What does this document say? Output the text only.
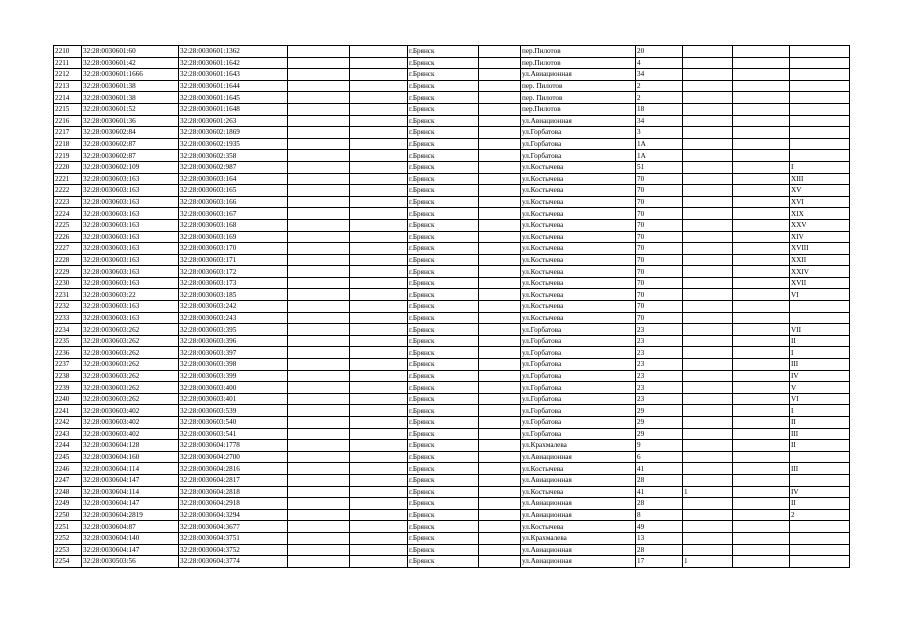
2210	32:28:0030601:60	32:28:0030601:1362			г.Брянск		пер.Пилотов	20			
2211	32:28:0030601:42	32:28:0030601:1642			г.Брянск		пер.Пилотов	4			
2212	32:28:0030601:1666	32:28:0030601:1643			г.Брянск		ул.Авиационная	34			
2213	32:28:0030601:38	32:28:0030601:1644			г.Брянск		пер. Пилотов	2			
2214	32:28:0030601:38	32:28:0030601:1645			г.Брянск		пер. Пилотов	2			
2215	32:28:0030601:52	32:28:0030601:1648			г.Брянск		пер.Пилотов	18			
2216	32:28:0030601:36	32:28:0030601:263			г.Брянск		ул.Авиационная	34			
2217	32:28:0030602:84	32:28:0030602:1869			г.Брянск		ул.Горбатова	3			
2218	32:28:0030602:87	32:28:0030602:1935			г.Брянск		ул.Горбатова	1А			
2219	32:28:0030602:87	32:28:0030602:358			г.Брянск		ул.Горбатова	1А			
2220	32:28:0030602:109	32:28:0030602:987			г.Брянск		ул.Костычева	51			I
2221	32:28:0030603:163	32:28:0030603:164			г.Брянск		ул.Костычева	70			XIII
2222	32:28:0030603:163	32:28:0030603:165			г.Брянск		ул.Костычева	70			XV
2223	32:28:0030603:163	32:28:0030603:166			г.Брянск		ул.Костычева	70			XVI
2224	32:28:0030603:163	32:28:0030603:167			г.Брянск		ул.Костычева	70			XIX
2225	32:28:0030603:163	32:28:0030603:168			г.Брянск		ул.Костычева	70			XXV
2226	32:28:0030603:163	32:28:0030603:169			г.Брянск		ул.Костычева	70			XIV
2227	32:28:0030603:163	32:28:0030603:170			г.Брянск		ул.Костычева	70			XVIII
2228	32:28:0030603:163	32:28:0030603:171			г.Брянск		ул.Костычева	70			XXII
2229	32:28:0030603:163	32:28:0030603:172			г.Брянск		ул.Костычева	70			XXIV
2230	32:28:0030603:163	32:28:0030603:173			г.Брянск		ул.Костычева	70			XVII
2231	32:28:0030603:22	32:28:0030603:185			г.Брянск		ул.Костычева	70			VI
2232	32:28:0030603:163	32:28:0030603:242			г.Брянск		ул.Костычева	70			
2233	32:28:0030603:163	32:28:0030603:243			г.Брянск		ул.Костычева	70			
2234	32:28:0030603:262	32:28:0030603:395			г.Брянск		ул.Горбатова	23			VII
2235	32:28:0030603:262	32:28:0030603:396			г.Брянск		ул.Горбатова	23			II
2236	32:28:0030603:262	32:28:0030603:397			г.Брянск		ул.Горбатова	23			I
2237	32:28:0030603:262	32:28:0030603:398			г.Брянск		ул.Горбатова	23			III
2238	32:28:0030603:262	32:28:0030603:399			г.Брянск		ул.Горбатова	23			IV
2239	32:28:0030603:262	32:28:0030603:400			г.Брянск		ул.Горбатова	23			V
2240	32:28:0030603:262	32:28:0030603:401			г.Брянск		ул.Горбатова	23			VI
2241	32:28:0030603:402	32:28:0030603:539			г.Брянск		ул.Горбатова	29			I
2242	32:28:0030603:402	32:28:0030603:540			г.Брянск		ул.Горбатова	29			II
2243	32:28:0030603:402	32:28:0030603:541			г.Брянск		ул.Горбатова	29			III
2244	32:28:0030604:128	32:28:0030604:1778			г.Брянск		ул.Крахмалева	9			II
2245	32:28:0030604:160	32:28:0030604:2700			г.Брянск		ул.Авиационная	6			
2246	32:28:0030604:114	32:28:0030604:2816			г.Брянск		ул.Костычева	41			III
2247	32:28:0030604:147	32:28:0030604:2817			г.Брянск		ул.Авиационная	28			
2248	32:28:0030604:114	32:28:0030604:2818			г.Брянск		ул.Костычева	41	1		IV
2249	32:28:0030604:147	32:28:0030604:2918			г.Брянск		ул.Авиационная	28			II
2250	32:28:0030604:2819	32:28:0030604:3294			г.Брянск		ул.Авиационная	8			2
2251	32:28:0030604:87	32:28:0030604:3677			г.Брянск		ул.Костычева	49			
2252	32:28:0030604:140	32:28:0030604:3751			г.Брянск		ул.Крахмалева	13			
2253	32:28:0030604:147	32:28:0030604:3752			г.Брянск		ул.Авиационная	28			
2254	32:28:0030503:56	32:28:0030604:3774			г.Брянск		ул.Авиационная	17	1		
